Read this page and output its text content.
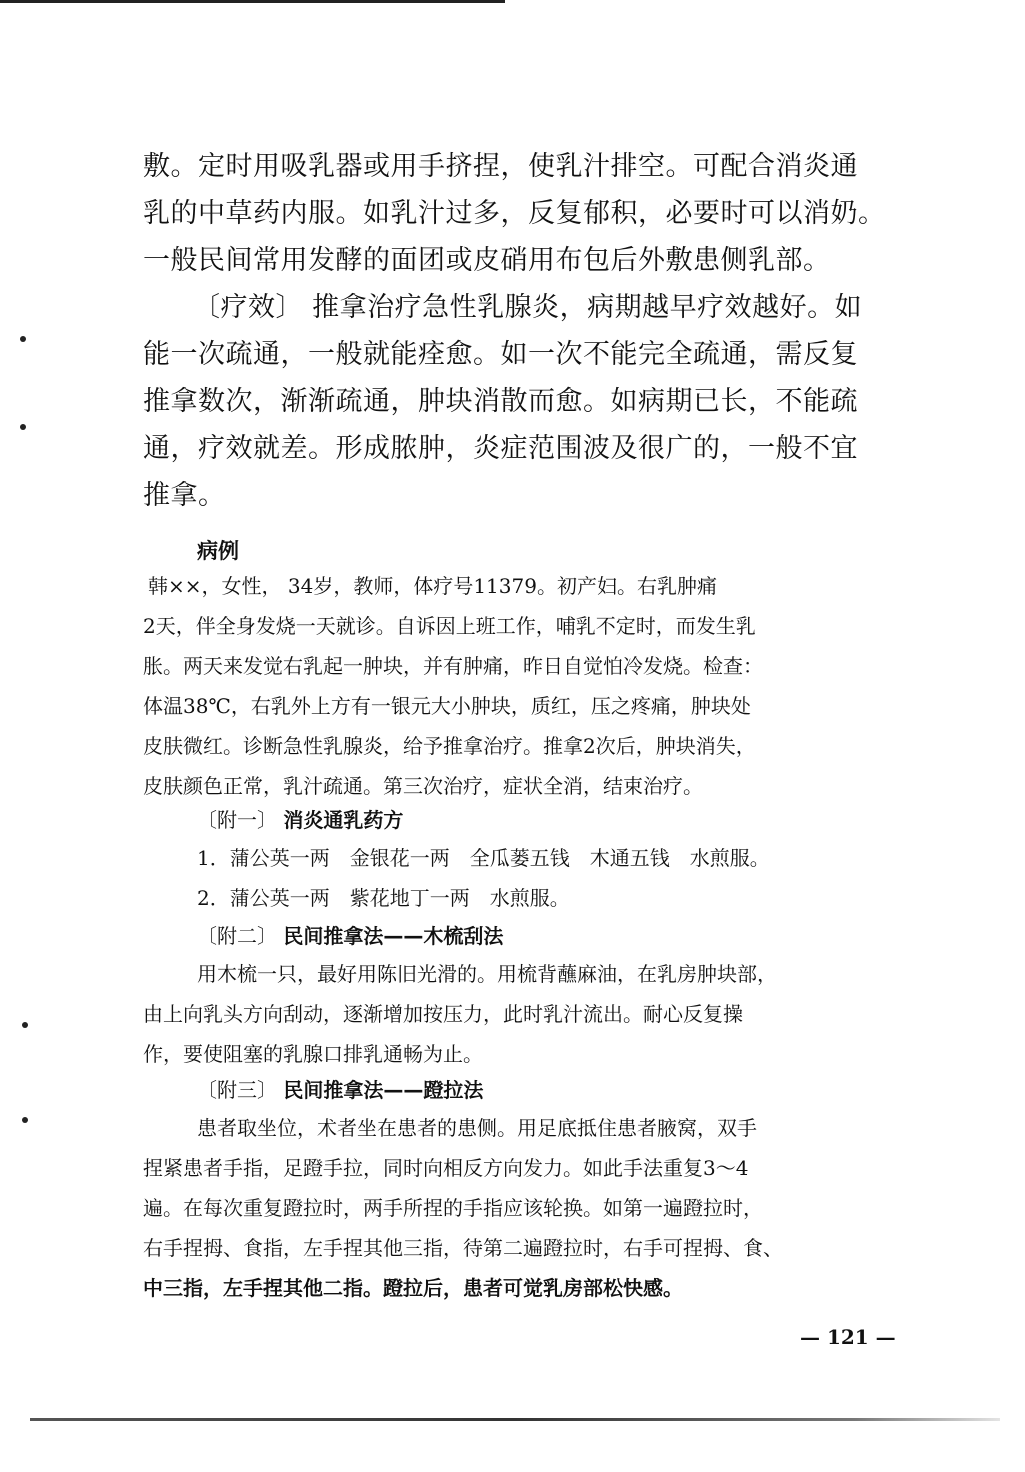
敷。定时用吸乳器或用手挤捏，使乳汁排空。可配合消炎通
乳的中草药内服。如乳汁过多，反复郁积，必要时可以消奶。
一般民间常用发酵的面团或皮硝用布包后外敷患侧乳部。
〔疗效〕 推拿治疗急性乳腺炎，病期越早疗效越好。如
能一次疏通，一般就能痊愈。如一次不能完全疏通，需反复
推拿数次，渐渐疏通，肿块消散而愈。如病期已长，不能疏
通，疗效就差。形成脓肿，炎症范围波及很广的，一般不宜
推拿。
病例
韩××，女性， 34岁，教师，体疗号11379。初产妇。右乳肿痛
2天，伴全身发烧一天就诊。自诉因上班工作，哺乳不定时，而发生乳
胀。两天来发觉右乳起一肿块，并有肿痛，昨日自觉怕冷发烧。检查：
体温38℃，右乳外上方有一银元大小肿块，质红，压之疼痛，肿块处
皮肤微红。诊断急性乳腺炎，给予推拿治疗。推拿2次后，肿块消失，
皮肤颜色正常，乳汁疏通。第三次治疗，症状全消，结束治疗。
〔附一〕 消炎通乳药方
1．蒲公英一两　金银花一两　全瓜蒌五钱　木通五钱　水煎服。
2．蒲公英一两　紫花地丁一两　水煎服。
〔附二〕 民间推拿法——木梳刮法
用木梳一只，最好用陈旧光滑的。用梳背蘸麻油，在乳房肿块部，
由上向乳头方向刮动，逐渐增加按压力，此时乳汁流出。耐心反复操
作，要使阻塞的乳腺口排乳通畅为止。
〔附三〕 民间推拿法——蹬拉法
患者取坐位，术者坐在患者的患侧。用足底抵住患者腋窝，双手
捏紧患者手指，足蹬手拉，同时向相反方向发力。如此手法重复3～4
遍。在每次重复蹬拉时，两手所捏的手指应该轮换。如第一遍蹬拉时，
右手捏拇、食指，左手捏其他三指，待第二遍蹬拉时，右手可捏拇、食、
中三指，左手捏其他二指。蹬拉后，患者可觉乳房部松快感。
— 121 —
